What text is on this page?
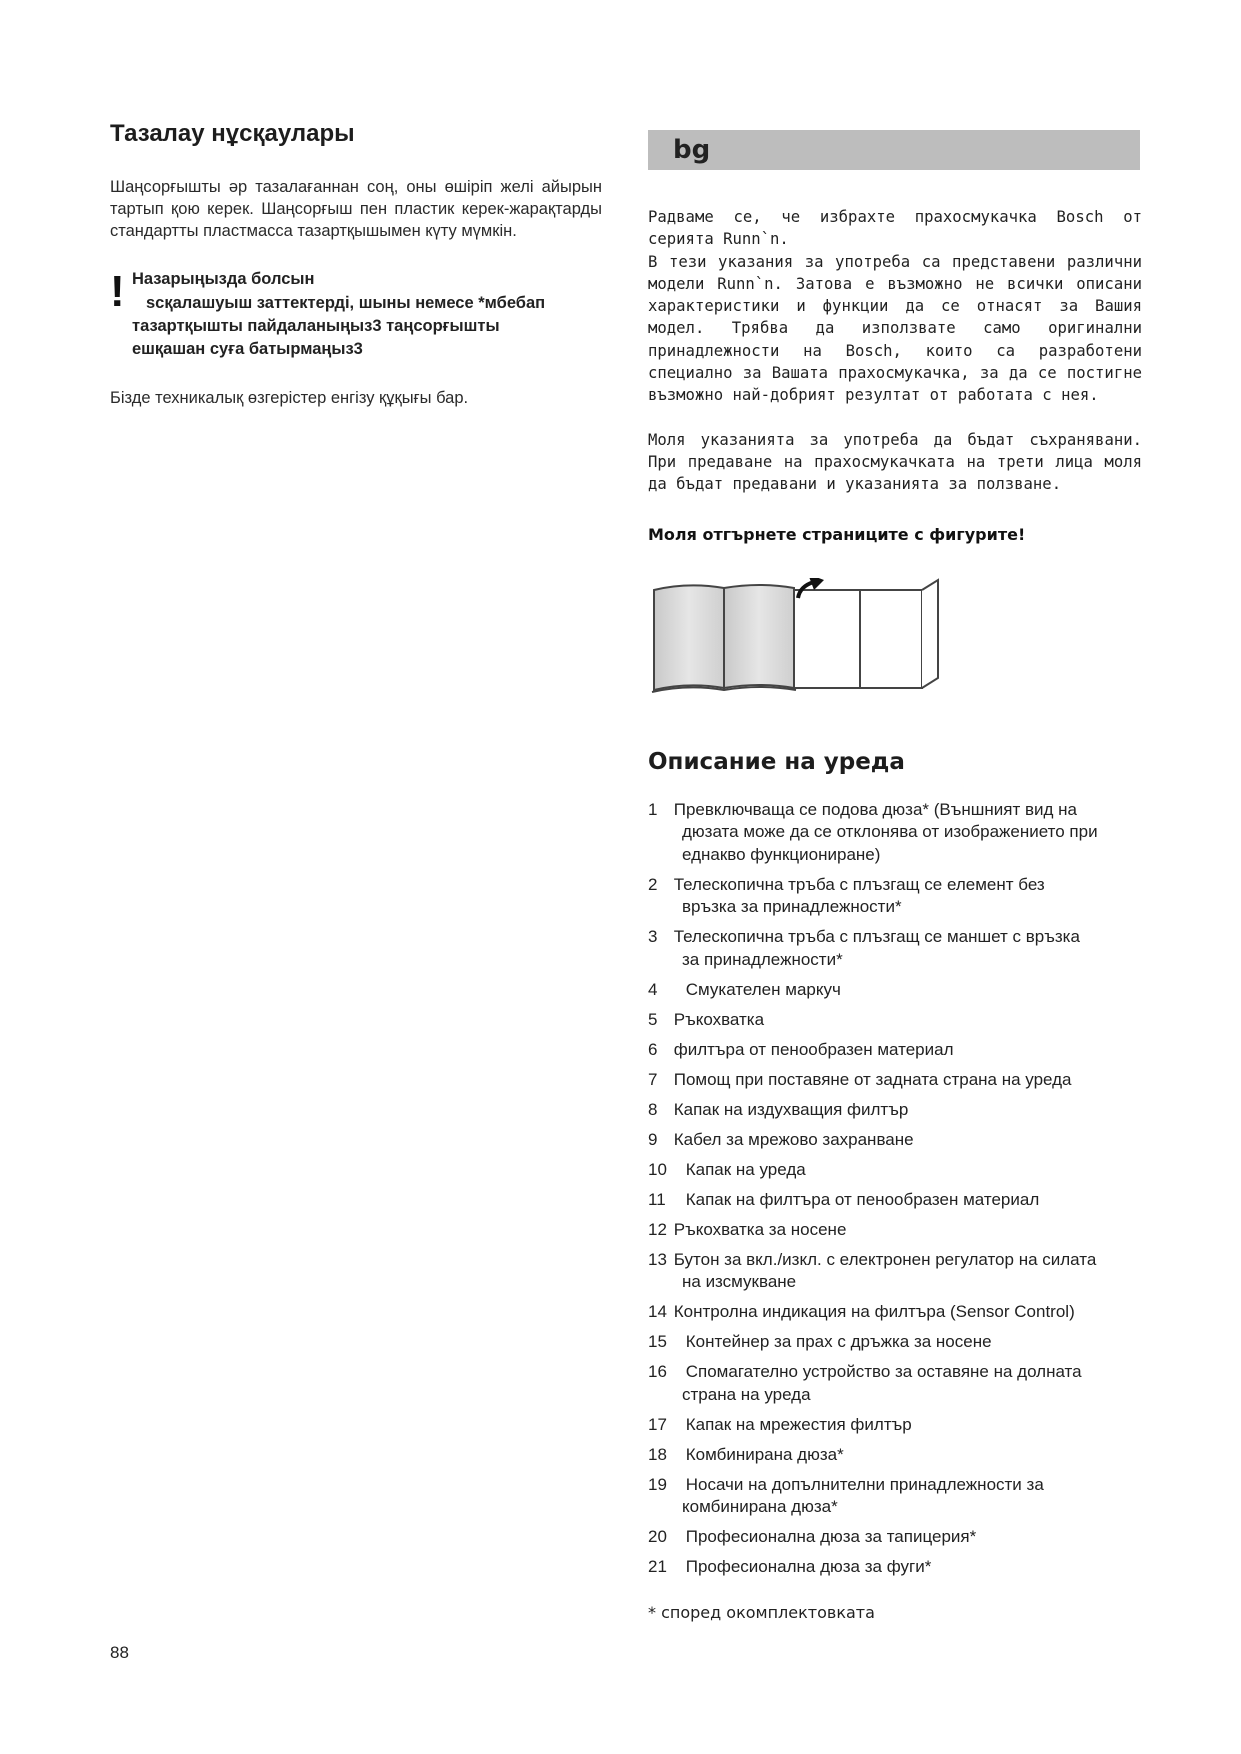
Тазалау нұсқаулары

Шаңсорғышты әр тазалағаннан соң, оны өшіріп желі айырын тартып қою керек. Шаңсорғыш пен пластик керек-жарақтарды стандартты пластмасса тазартқышымен күту мүмкін.

! Назарыңызда болсын

sсқалашуыш заттектерді, шыны немесе *мбебап
тазартқышты пайдаланыңыз3 таңсорғышты
ешқашан суға батырмаңыз3

Бізде техникалық өзгерістер енгізу құқығы бар.

bg

Радваме се, че избрахте прахосмукачка Bosch от серията Runn`n.
В тези указания за употреба са представени различни модели Runn`n. Затова е възможно не всички описани характеристики и функции да се отнасят за Вашия модел. Трябва да използвате само оригинални принадлежности на Bosch, които са разработени специално за Вашата прахосмукачка, за да се постигне възможно най-добрият резултат от работата с нея.

Моля указанията за употреба да бъдат съхранявани. При предаване на прахосмукачката на трети лица моля да бъдат предавани и указанията за ползване.

Моля отгърнете страниците с фигурите!

Описание на уреда
1 Превключваща се подова дюза* (Външният вид на
дюзата може да се отклонява от изображението при еднакво функциониране)
2 Телескопична тръба с плъзгащ се елемент без
връзка за принадлежности*
3 Телескопична тръба с плъзгащ се маншет с връзка
за принадлежности*
4 Смукателен маркуч
5 Ръкохватка
6 филтъра от пенообразен материал
7 Помощ при поставяне от задната страна на уреда
8 Капак на издухващия филтър
9 Кабел за мрежово захранване
10 Капак на уреда
11 Капак на филтъра от пенообразен материал
12 Ръкохватка за носене
13 Бутон за вкл./изкл. с електронен регулатор на силата
на изсмукване
14 Контролна индикация на филтъра (Sensor Control)
15 Контейнер за прах с дръжка за носене
16 Спомагателно устройство за оставяне на долната
страна на уреда
17 Капак на мрежестия филтър
18 Комбинирана дюза*
19 Носачи на допълнителни принадлежности за
комбинирана дюза*
20 Професионална дюза за тапицерия*
21 Професионална дюза за фуги*

* според окомплектовката

88
